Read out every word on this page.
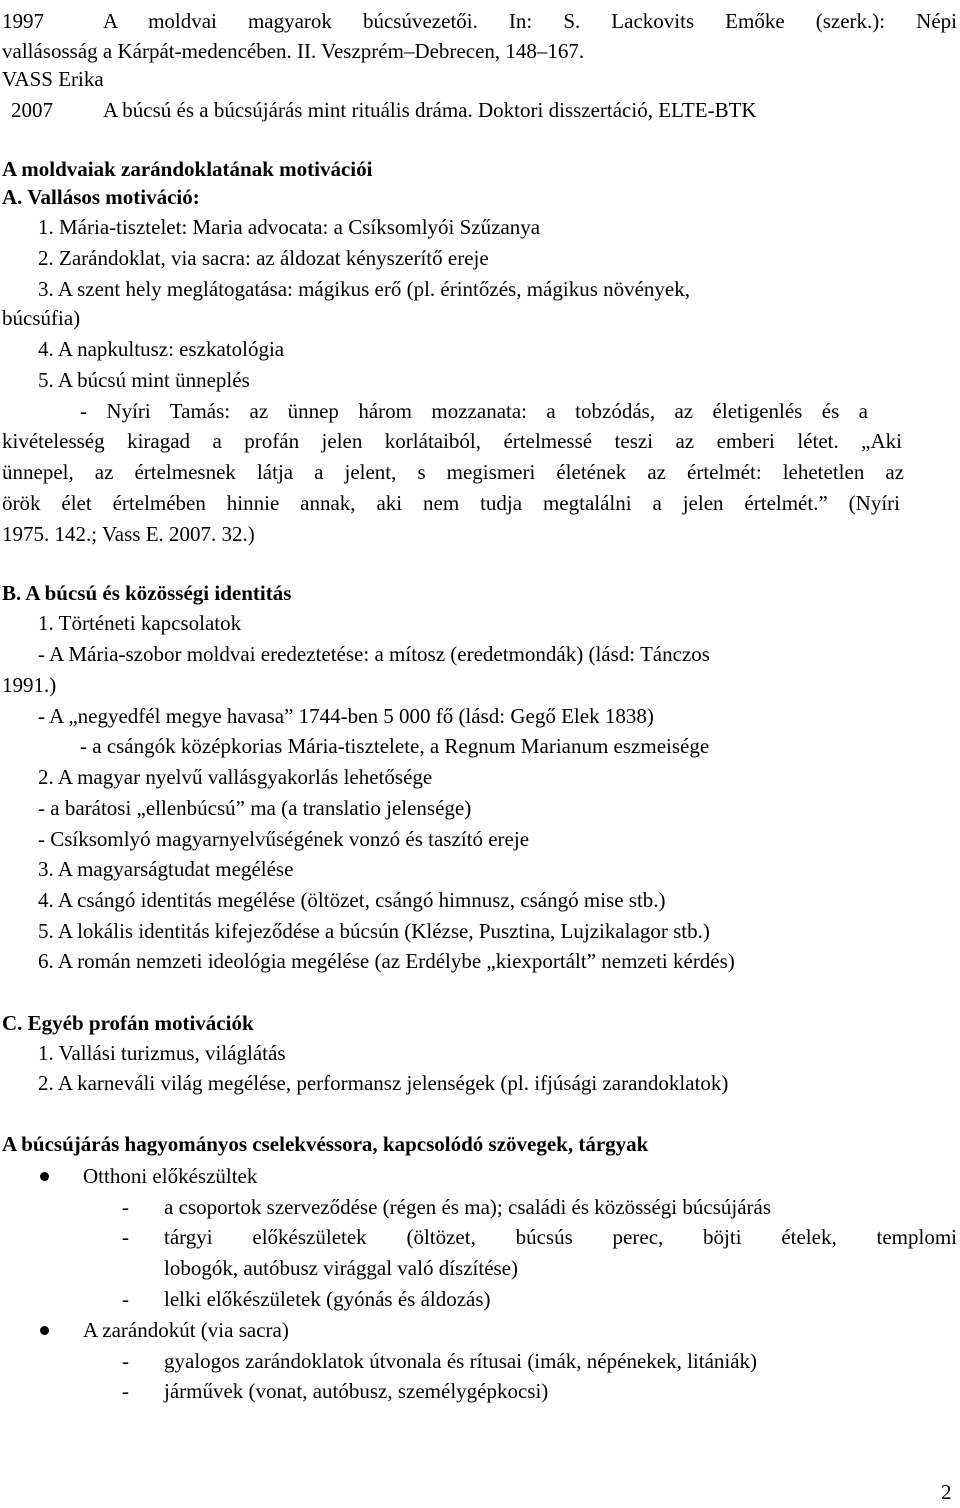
1997	A moldvai magyarok búcsúvezetői. In: S. Lackovits Emőke (szerk.): Népi
vallásosság a Kárpát-medencében. II. Veszprém–Debrecen, 148–167.
VASS Erika
2007 A búcsú és a búcsújárás mint rituális dráma. Doktori disszertáció, ELTE-BTK
A moldvaiak zarándoklatának motivációi
A. Vallásos motiváció:
1. Mária-tisztelet: Maria advocata: a Csíksomlyói Szűzanya
2. Zarándoklat, via sacra: az áldozat kényszerítő ereje
3. A szent hely meglátogatása: mágikus erő (pl. érintőzés, mágikus növények,
búcsúfia)
4. A napkultusz: eszkatológia
5. A búcsú mint ünneplés
- Nyíri Tamás: az ünnep három mozzanata: a tobzódás, az életigenlés és a
kivételesség kiragad a profán jelen korlátaiból, értelmessé teszi az emberi létet. „Aki
ünnepel, az értelmesnek látja a jelent, s megismeri életének az értelmét: lehetetlen az
örök élet értelmében hinnie annak, aki nem tudja megtalálni a jelen értelmét.” (Nyíri
1975. 142.; Vass E. 2007. 32.)
B. A búcsú és közösségi identitás
1. Történeti kapcsolatok
- A Mária-szobor moldvai eredeztetése: a mítosz (eredetmondák) (lásd: Tánczos
1991.)
- A „negyedfél megye havasa” 1744-ben 5 000 fő (lásd: Gegő Elek 1838)
- a csángók középkorias Mária-tisztelete, a Regnum Marianum eszmeisége
2. A magyar nyelvű vallásgyakorlás lehetősége
- a barátosi „ellenbúcsú” ma (a translatio jelensége)
- Csíksomlyó magyarnyelvűségének vonzó és taszító ereje
3. A magyarságtudat megélése
4. A csángó identitás megélése (öltözet, csángó himnusz, csángó mise stb.)
5. A lokális identitás kifejeződése a búcsún (Klézse, Pusztina, Lujzikalagor stb.)
6. A román nemzeti ideológia megélése (az Erdélybe „kiexportált” nemzeti kérdés)
C. Egyéb profán motivációk
1. Vallási turizmus, világlátás
2. A karneváli világ megélése, performansz jelenségek (pl. ifjúsági zarandoklatok)
A búcsújárás hagyományos cselekvéssora, kapcsolódó szövegek, tárgyak
Otthoni előkészültek
- a csoportok szerveződése (régen és ma); családi és közösségi búcsújárás
- tárgyi előkészületek (öltözet, búcsús perec, böjti ételek, templomi
lobogók, autóbusz virággal való díszítése)
- lelki előkészületek (gyónás és áldozás)
A zarándokút (via sacra)
- gyalogos zarándoklatok útvonala és rítusai (imák, népénekek, litániák)
- járművek (vonat, autóbusz, személygépkocsi)
2
